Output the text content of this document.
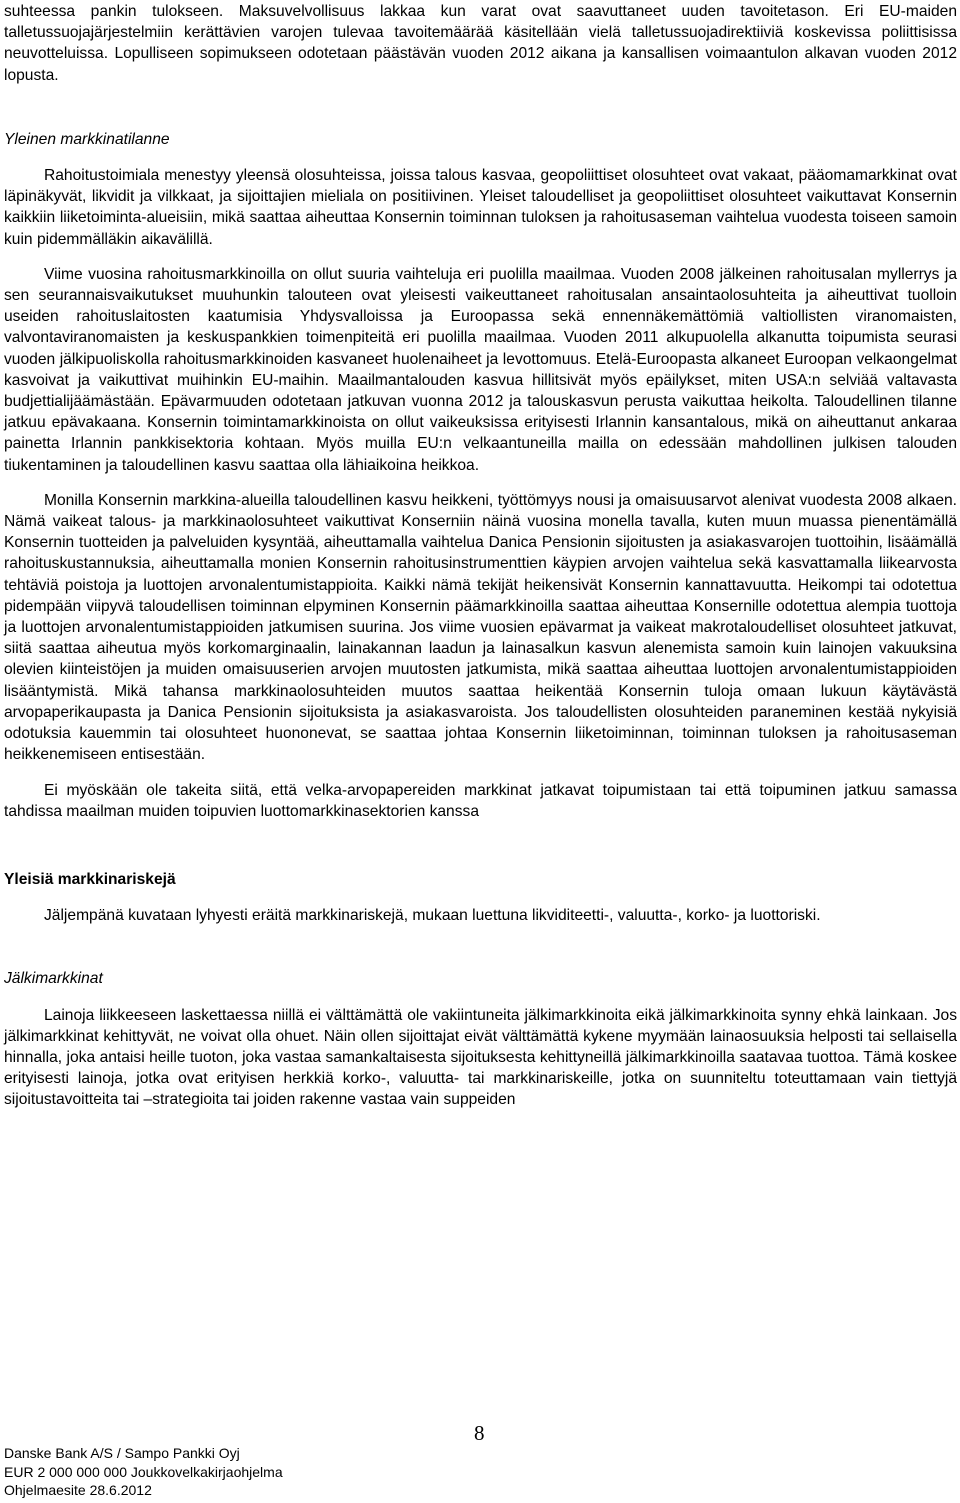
suhteessa pankin tulokseen. Maksuvelvollisuus lakkaa kun varat ovat saavuttaneet uuden tavoitetason. Eri EU-maiden talletussuojajärjestelmiin kerättävien varojen tulevaa tavoitemäärää käsitellään vielä talletussuojadirektiiviä koskevissa poliittisissa neuvotteluissa. Lopulliseen sopimukseen odotetaan päästävän vuoden 2012 aikana ja kansallisen voimaantulon alkavan vuoden 2012 lopusta.

Yleinen markkinatilanne

Rahoitustoimiala menestyy yleensä olosuhteissa, joissa talous kasvaa, geopoliittiset olosuhteet ovat vakaat, pääomamarkkinat ovat läpinäkyvät, likvidit ja vilkkaat, ja sijoittajien mieliala on positiivinen. Yleiset taloudelliset ja geopoliittiset olosuhteet vaikuttavat Konsernin kaikkiin liiketoiminta-alueisiin, mikä saattaa aiheuttaa Konsernin toiminnan tuloksen ja rahoitusaseman vaihtelua vuodesta toiseen samoin kuin pidemmälläkin aikavälillä.

Viime vuosina rahoitusmarkkinoilla on ollut suuria vaihteluja eri puolilla maailmaa. Vuoden 2008 jälkeinen rahoitusalan myllerrys ja sen seurannaisvaikutukset muuhunkin talouteen ovat yleisesti vaikeuttaneet rahoitusalan ansaintaolosuhteita ja aiheuttivat tuolloin useiden rahoituslaitosten kaatumisia Yhdysvalloissa ja Euroopassa sekä ennennäkemättömiä valtiollisten viranomaisten, valvontaviranomaisten ja keskuspankkien toimenpiteitä eri puolilla maailmaa. Vuoden 2011 alkupuolella alkanutta toipumista seurasi vuoden jälkipuoliskolla rahoitusmarkkinoiden kasvaneet huolenaiheet ja levottomuus. Etelä-Euroopasta alkaneet Euroopan velkaongelmat kasvoivat ja vaikuttivat muihinkin EU-maihin. Maailmantalouden kasvua hillitsivät myös epäilykset, miten USA:n selviää valtavasta budjettialijäämästään. Epävarmuuden odotetaan jatkuvan vuonna 2012 ja talouskasvun perusta vaikuttaa heikolta. Taloudellinen tilanne jatkuu epävakaana. Konsernin toimintamarkkinoista on ollut vaikeuksissa erityisesti Irlannin kansantalous, mikä on aiheuttanut ankaraa painetta Irlannin pankkisektoria kohtaan. Myös muilla EU:n velkaantuneilla mailla on edessään mahdollinen julkisen talouden tiukentaminen ja taloudellinen kasvu saattaa olla lähiaikoina heikkoa.

Monilla Konsernin markkina-alueilla taloudellinen kasvu heikkeni, työttömyys nousi ja omaisuusarvot alenivat vuodesta 2008 alkaen. Nämä vaikeat talous- ja markkinaolosuhteet vaikuttivat Konserniin näinä vuosina monella tavalla, kuten muun muassa pienentämällä Konsernin tuotteiden ja palveluiden kysyntää, aiheuttamalla vaihtelua Danica Pensionin sijoitusten ja asiakasvarojen tuottoihin, lisäämällä rahoituskustannuksia, aiheuttamalla monien Konsernin rahoitusinstrumenttien käypien arvojen vaihtelua sekä kasvattamalla liikearvosta tehtäviä poistoja ja luottojen arvonalentumistappioita. Kaikki nämä tekijät heikensivät Konsernin kannattavuutta. Heikompi tai odotettua pidempään viipyvä taloudellisen toiminnan elpyminen Konsernin päämarkkinoilla saattaa aiheuttaa Konsernille odotettua alempia tuottoja ja luottojen arvonalentumistappioiden jatkumisen suurina. Jos viime vuosien epävarmat ja vaikeat makrotaloudelliset olosuhteet jatkuvat, siitä saattaa aiheutua myös korkomarginaalin, lainakannan laadun ja lainasalkun kasvun alenemista samoin kuin lainojen vakuuksina olevien kiinteistöjen ja muiden omaisuuserien arvojen muutosten jatkumista, mikä saattaa aiheuttaa luottojen arvonalentumistappioiden lisääntymistä. Mikä tahansa markkinaolosuhteiden muutos saattaa heikentää Konsernin tuloja omaan lukuun käytävästä arvopaperikaupasta ja Danica Pensionin sijoituksista ja asiakasvaroista. Jos taloudellisten olosuhteiden paraneminen kestää nykyisiä odotuksia kauemmin tai olosuhteet huononevat, se saattaa johtaa Konsernin liiketoiminnan, toiminnan tuloksen ja rahoitusaseman heikkenemiseen entisestään.

Ei myöskään ole takeita siitä, että velka-arvopapereiden markkinat jatkavat toipumistaan tai että toipuminen jatkuu samassa tahdissa maailman muiden toipuvien luottomarkkinasektorien kanssa

Yleisiä markkinariskejä

Jäljempänä kuvataan lyhyesti eräitä markkinariskejä, mukaan luettuna likviditeetti-, valuutta-, korko- ja luottoriski.

Jälkimarkkinat

Lainoja liikkeeseen laskettaessa niillä ei välttämättä ole vakiintuneita jälkimarkkinoita eikä jälkimarkkinoita synny ehkä lainkaan. Jos jälkimarkkinat kehittyvät, ne voivat olla ohuet. Näin ollen sijoittajat eivät välttämättä kykene myymään lainaosuuksia helposti tai sellaisella hinnalla, joka antaisi heille tuoton, joka vastaa samankaltaisesta sijoituksesta kehittyneillä jälkimarkkinoilla saatavaa tuottoa. Tämä koskee erityisesti lainoja, jotka ovat erityisen herkkiä korko-, valuutta- tai markkinariskeille, jotka on suunniteltu toteuttamaan vain tiettyjä sijoitustavoitteita tai –strategioita tai joiden rakenne vastaa vain suppeiden

8
Danske Bank A/S / Sampo Pankki Oyj
EUR 2 000 000 000 Joukkovelkakirjaohjelma
Ohjelmaesite 28.6.2012
